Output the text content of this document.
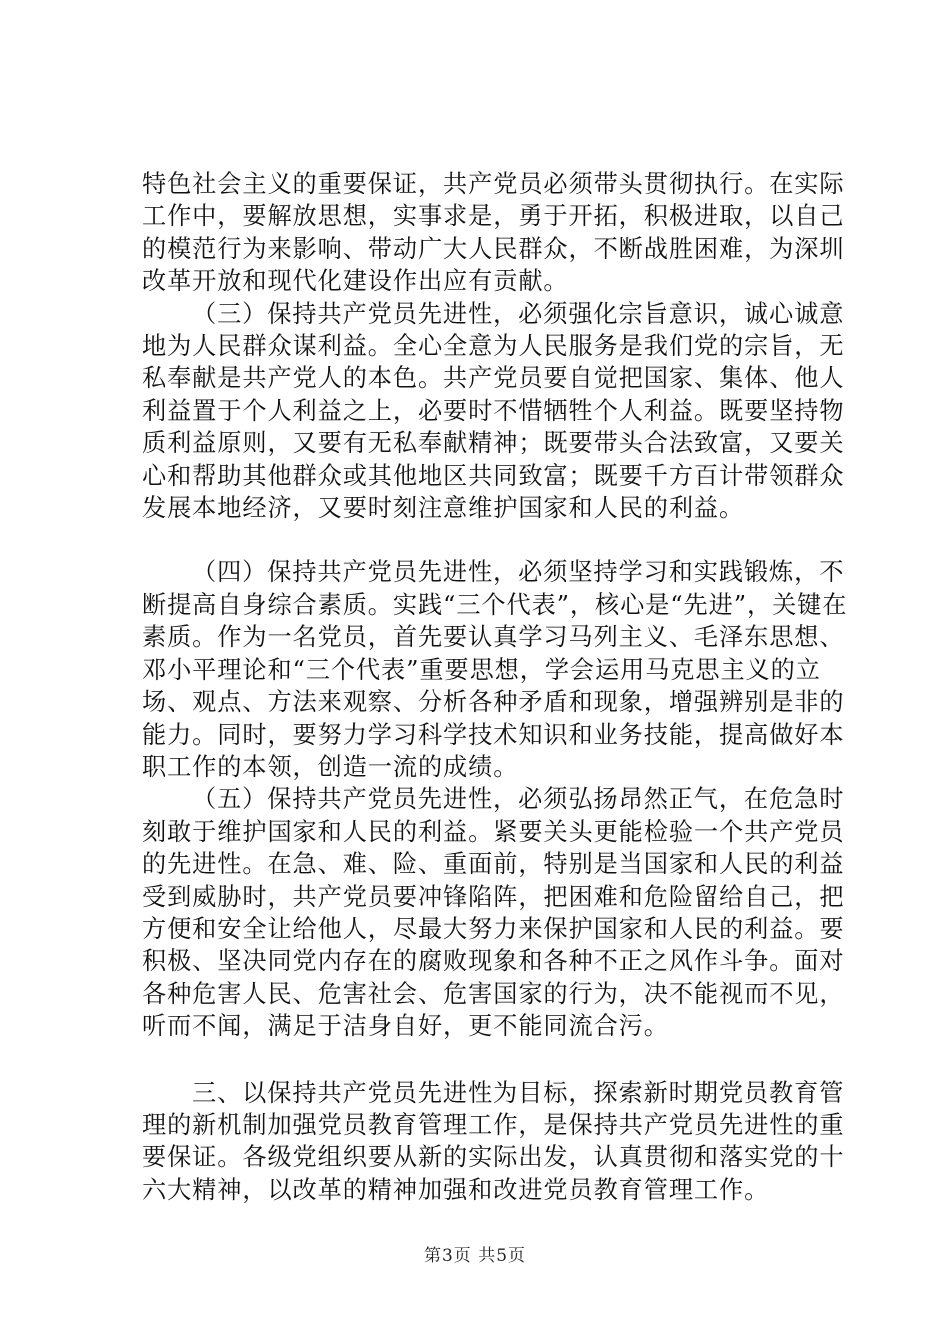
特色社会主义的重要保证，共产党员必须带头贯彻执行。在实际工作中，要解放思想，实事求是，勇于开拓，积极进取，以自己的模范行为来影响、带动广大人民群众，不断战胜困难，为深圳改革开放和现代化建设作出应有贡献。

（三）保持共产党员先进性，必须强化宗旨意识，诚心诚意地为人民群众谋利益。全心全意为人民服务是我们党的宗旨，无私奉献是共产党人的本色。共产党员要自觉把国家、集体、他人利益置于个人利益之上，必要时不惜牺牲个人利益。既要坚持物质利益原则，又要有无私奉献精神；既要带头合法致富，又要关心和帮助其他群众或其他地区共同致富；既要千方百计带领群众发展本地经济，又要时刻注意维护国家和人民的利益。

（四）保持共产党员先进性，必须坚持学习和实践锻炼，不断提高自身综合素质。实践“三个代表”，核心是“先进”，关键在素质。作为一名党员，首先要认真学习马列主义、毛泽东思想、邓小平理论和“三个代表”重要思想，学会运用马克思主义的立场、观点、方法来观察、分析各种矛盾和现象，增强辨别是非的能力。同时，要努力学习科学技术知识和业务技能，提高做好本职工作的本领，创造一流的成绩。

（五）保持共产党员先进性，必须弘扬昂然正气，在危急时刻敢于维护国家和人民的利益。紧要关头更能检验一个共产党员的先进性。在急、难、险、重面前，特别是当国家和人民的利益受到威胁时，共产党员要冲锋陷阵，把困难和危险留给自己，把方便和安全让给他人，尽最大努力来保护国家和人民的利益。要积极、坚决同党内存在的腐败现象和各种不正之风作斗争。面对各种危害人民、危害社会、危害国家的行为，决不能视而不见，听而不闻，满足于洁身自好，更不能同流合污。

三、以保持共产党员先进性为目标，探索新时期党员教育管理的新机制加强党员教育管理工作，是保持共产党员先进性的重要保证。各级党组织要从新的实际出发，认真贯彻和落实党的十六大精神，以改革的精神加强和改进党员教育管理工作。

第3页 共5页
